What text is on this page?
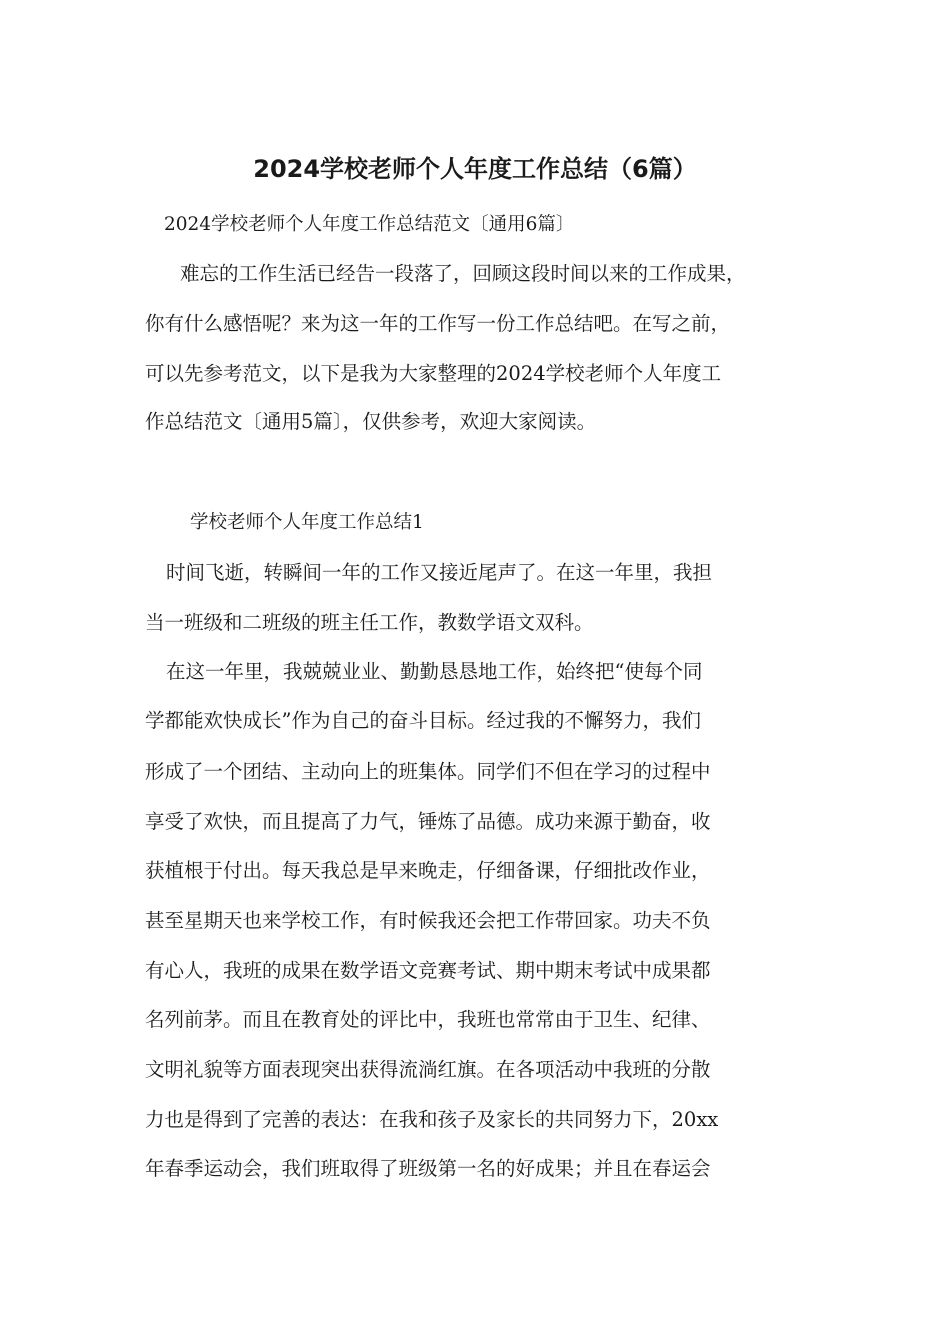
2024学校老师个人年度工作总结（6篇）
2024学校老师个人年度工作总结范文〔通用6篇〕
难忘的工作生活已经告一段落了，回顾这段时间以来的工作成果，
你有什么感悟呢？来为这一年的工作写一份工作总结吧。在写之前，
可以先参考范文，以下是我为大家整理的2024学校老师个人年度工
作总结范文〔通用5篇〕，仅供参考，欢迎大家阅读。
学校老师个人年度工作总结1
时间飞逝，转瞬间一年的工作又接近尾声了。在这一年里，我担
当一班级和二班级的班主任工作，教数学语文双科。
在这一年里，我兢兢业业、勤勤恳恳地工作，始终把“使每个同
学都能欢快成长”作为自己的奋斗目标。经过我的不懈努力，我们
形成了一个团结、主动向上的班集体。同学们不但在学习的过程中
享受了欢快，而且提高了力气，锤炼了品德。成功来源于勤奋，收
获植根于付出。每天我总是早来晚走，仔细备课，仔细批改作业，
甚至星期天也来学校工作，有时候我还会把工作带回家。功夫不负
有心人，我班的成果在数学语文竞赛考试、期中期末考试中成果都
名列前茅。而且在教育处的评比中，我班也常常由于卫生、纪律、
文明礼貌等方面表现突出获得流淌红旗。在各项活动中我班的分散
力也是得到了完善的表达：在我和孩子及家长的共同努力下，20xx
年春季运动会，我们班取得了班级第一名的好成果；并且在春运会
